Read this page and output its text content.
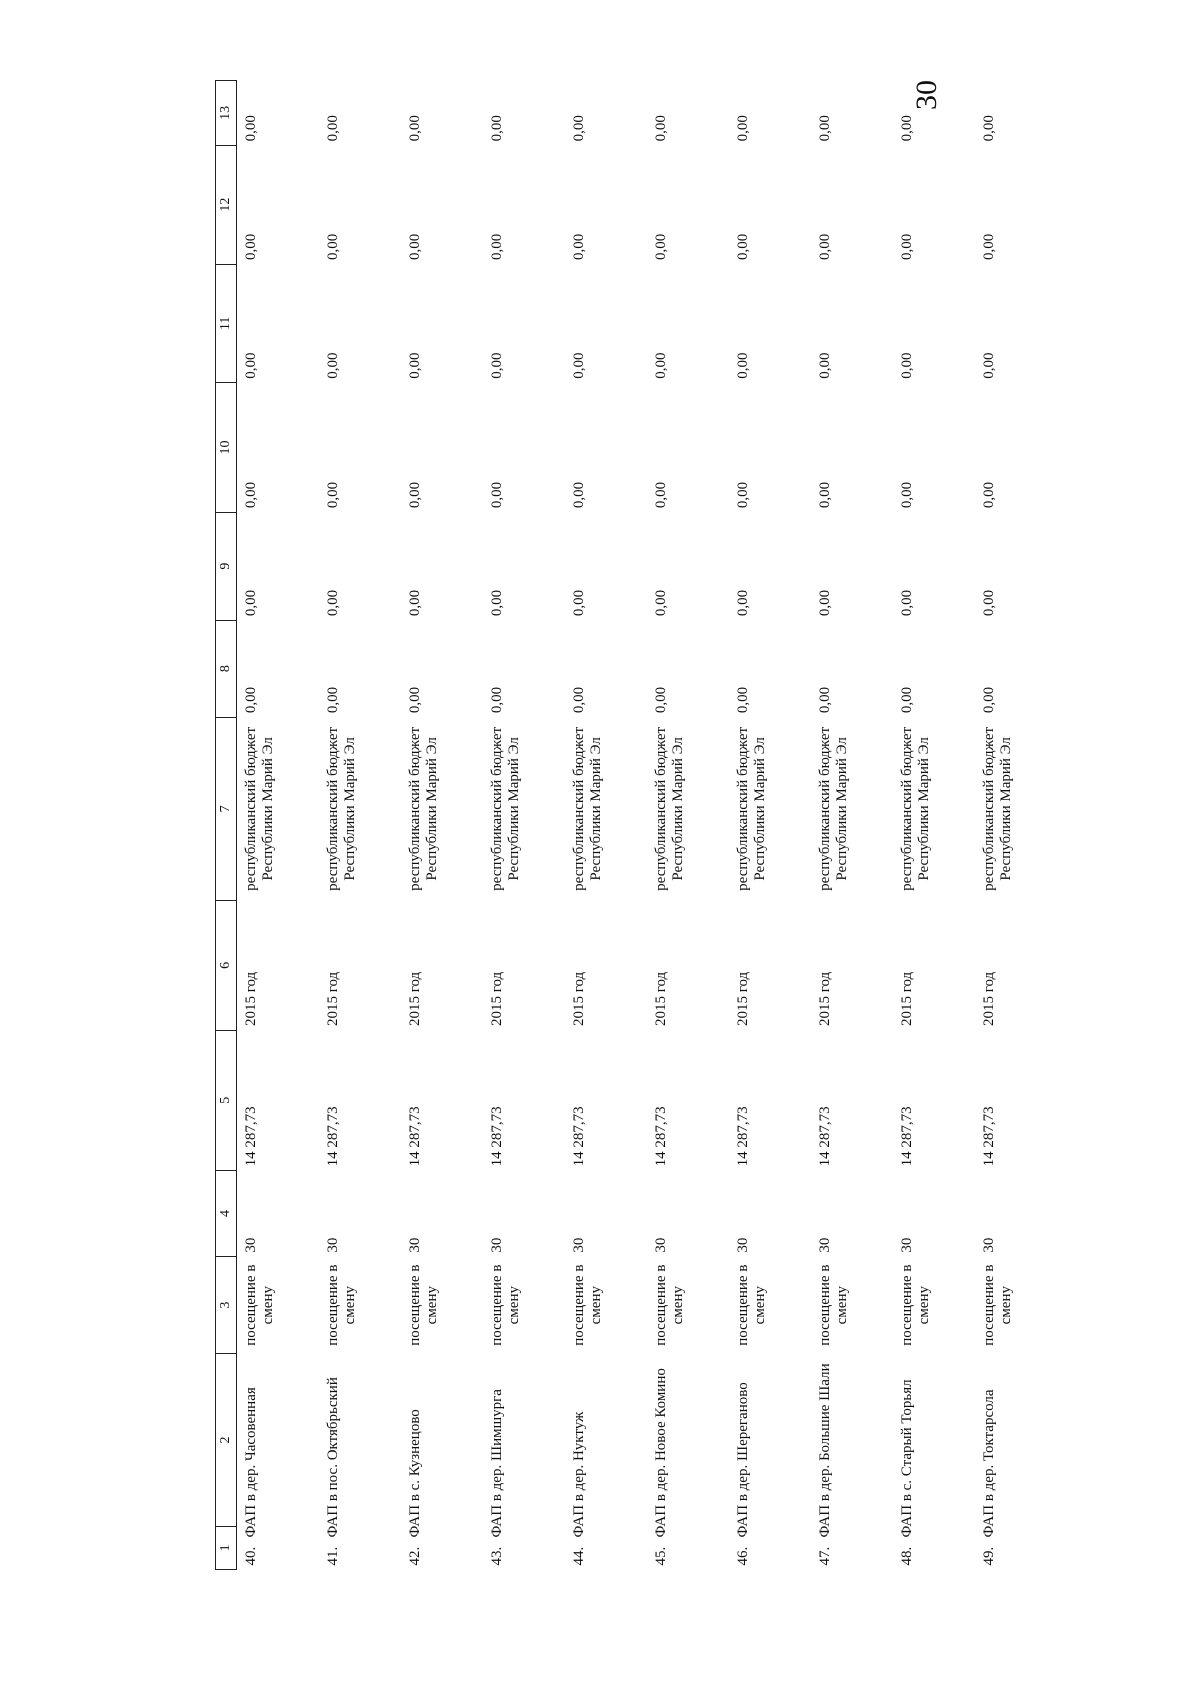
30
1	2	3	4	5	6	7	8	9	10	11	12	13
40.ФАП в дер. Часовенная		посещение в смену	30	14 287,73	2015 год	республиканский бюджет Республики Марий Эл	0,00	0,00	0,00	0,00	0,00	0,00
41.ФАП в пос. Октябрьский		посещение в смену	30	14 287,73	2015 год	республиканский бюджет Республики Марий Эл	0,00	0,00	0,00	0,00	0,00	0,00
42.ФАП в с. Кузнецово		посещение в смену	30	14 287,73	2015 год	республиканский бюджет Республики Марий Эл	0,00	0,00	0,00	0,00	0,00	0,00
43.ФАП в дер. Шимшурга		посещение в смену	30	14 287,73	2015 год	республиканский бюджет Республики Марий Эл	0,00	0,00	0,00	0,00	0,00	0,00
44.ФАП в дер. Нуктуж		посещение в смену	30	14 287,73	2015 год	республиканский бюджет Республики Марий Эл	0,00	0,00	0,00	0,00	0,00	0,00
45.ФАП в дер. Новое Комино		посещение в смену	30	14 287,73	2015 год	республиканский бюджет Республики Марий Эл	0,00	0,00	0,00	0,00	0,00	0,00
46.ФАП в дер. Шереганово		посещение в смену	30	14 287,73	2015 год	республиканский бюджет Республики Марий Эл	0,00	0,00	0,00	0,00	0,00	0,00
47.ФАП в дер. Большие Шали		посещение в смену	30	14 287,73	2015 год	республиканский бюджет Республики Марий Эл	0,00	0,00	0,00	0,00	0,00	0,00
48.ФАП в с. Старый Торьял		посещение в смену	30	14 287,73	2015 год	республиканский бюджет Республики Марий Эл	0,00	0,00	0,00	0,00	0,00	0,00
49.ФАП в дер. Токтарсола		посещение в смену	30	14 287,73	2015 год	республиканский бюджет Республики Марий Эл	0,00	0,00	0,00	0,00	0,00	0,00
